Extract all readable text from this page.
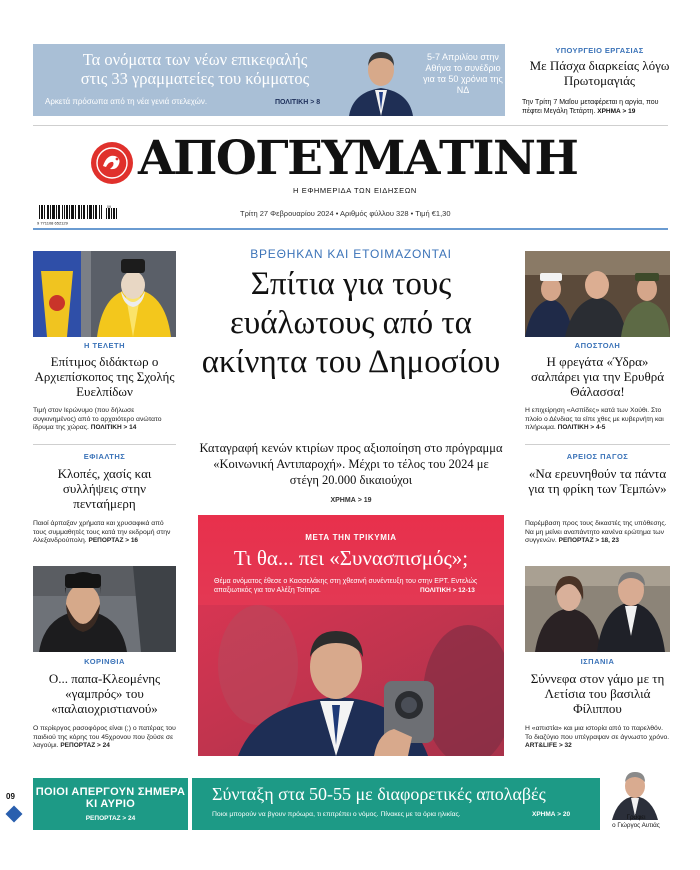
Τα ονόματα των νέων επικεφαλής
στις 33 γραμματείες του κόμματος
Αρκετά πρόσωπα από τη νέα γενιά στελεχών.	ΠΟΛΙΤΙΚΗ > 8
5-7 Απριλίου στην Αθήνα το συνέδριο για τα 50 χρόνια της ΝΔ
ΥΠΟΥΡΓΕΙΟ ΕΡΓΑΣΙΑΣ
Με Πάσχα διαρκείας λόγω Πρωτομαγιάς
Την Τρίτη 7 Μαΐου μεταφέρεται η αργία, που πέφτει Μεγάλη Τετάρτη. ΧΡΗΜΑ > 19
ΑΠΟΓΕΥΜΑΤΙΝΗ
Η ΕΦΗΜΕΡΙΔΑ ΤΩΝ ΕΙΔΗΣΕΩΝ
9 771108 652129
09
Τρίτη 27 Φεβρουαρίου 2024 • Αριθμός φύλλου 328 • Τιμή €1,30
ΒΡΕΘΗΚΑΝ ΚΑΙ ΕΤΟΙΜΑΖΟΝΤΑΙ
Σπίτια για τους ευάλωτους από τα ακίνητα του Δημοσίου
Καταγραφή κενών κτιρίων προς αξιοποίηση στο πρόγραμμα «Κοινωνική Αντιπαροχή». Μέχρι το τέλος του 2024 με στέγη 20.000 δικαιούχοι
ΧΡΗΜΑ > 19
ΜΕΤΑ ΤΗΝ ΤΡΙΚΥΜΙΑ
Τι θα... πει «Συνασπισμός»;
Θέμα ονόματος έθεσε ο Κασσελάκης στη χθεσινή συνέντευξη του στην ΕΡΤ. Εντελώς απαξιωτικός για τον Αλέξη Τσίπρα.	ΠΟΛΙΤΙΚΗ > 12-13
Η ΤΕΛΕΤΗ
Επίτιμος διδάκτωρ ο Αρχιεπίσκοπος της Σχολής Ευελπίδων
Τιμή στον Ιερώνυμο (που δήλωσε συγκινημένος) από το αρχαιότερο ανώτατο ίδρυμα της χώρας. ΠΟΛΙΤΙΚΗ > 14
ΕΦΙΑΛΤΗΣ
Κλοπές, χασίς και συλλήψεις στην πενταήμερη
Παιοί άρπαξαν χρήματα και χρυσαφικά από τους συμμαθητές τους κατά την εκδρομή στην Αλεξανδρούπολη. ΡΕΠΟΡΤΑΖ > 16
ΚΟΡΙΝΘΙΑ
Ο... παπα-Κλεομένης «γαμπρός» του «παλαιοχριστιανού»
Ο περίεργος ρασοφόρος είναι (;) ο πατέρας του παιδιού της κόρης του 45χρονου που ζούσε σε λαγούμι. ΡΕΠΟΡΤΑΖ > 24
ΑΠΟΣΤΟΛΗ
Η φρεγάτα «Ύδρα» σαλπάρει για την Ερυθρά Θάλασσα!
Η επιχείρηση «Ασπίδες» κατά των Χούθι. Στο πλοίο ο Δένδιας τα είπε χθες με κυβερνήτη και πλήρωμα. ΠΟΛΙΤΙΚΗ > 4-5
ΑΡΕΙΟΣ ΠΑΓΟΣ
«Να ερευνηθούν τα πάντα για τη φρίκη των Τεμπών»
Παρέμβαση προς τους δικαστές της υπόθεσης. Να μη μείνει αναπάντητο κανένα ερώτημα των συγγενών. ΡΕΠΟΡΤΑΖ > 18, 23
ΙΣΠΑΝΙΑ
Σύννεφα στον γάμο με τη Λετίσια του βασιλιά Φίλιππου
Η «απιστία» και μια ιστορία από το παρελθόν. Το διαζύγιο που υπέγραψαν σε άγνωστο χρόνο. ART&LIFE > 32
09 ΠΟΙΟΙ ΑΠΕΡΓΟΥΝ ΣΗΜΕΡΑ ΚΙ ΑΥΡΙΟ
ΡΕΠΟΡΤΑΖ > 24
Σύνταξη στα 50-55 με διαφορετικές απολαβές
Ποιοι μπορούν να βγουν πρόωρα, τι επιτρέπει ο νόμος. Πίνακες με τα όρια ηλικίας.	ΧΡΗΜΑ > 20	Γράφει
ο Γιώργος Αυτιάς
